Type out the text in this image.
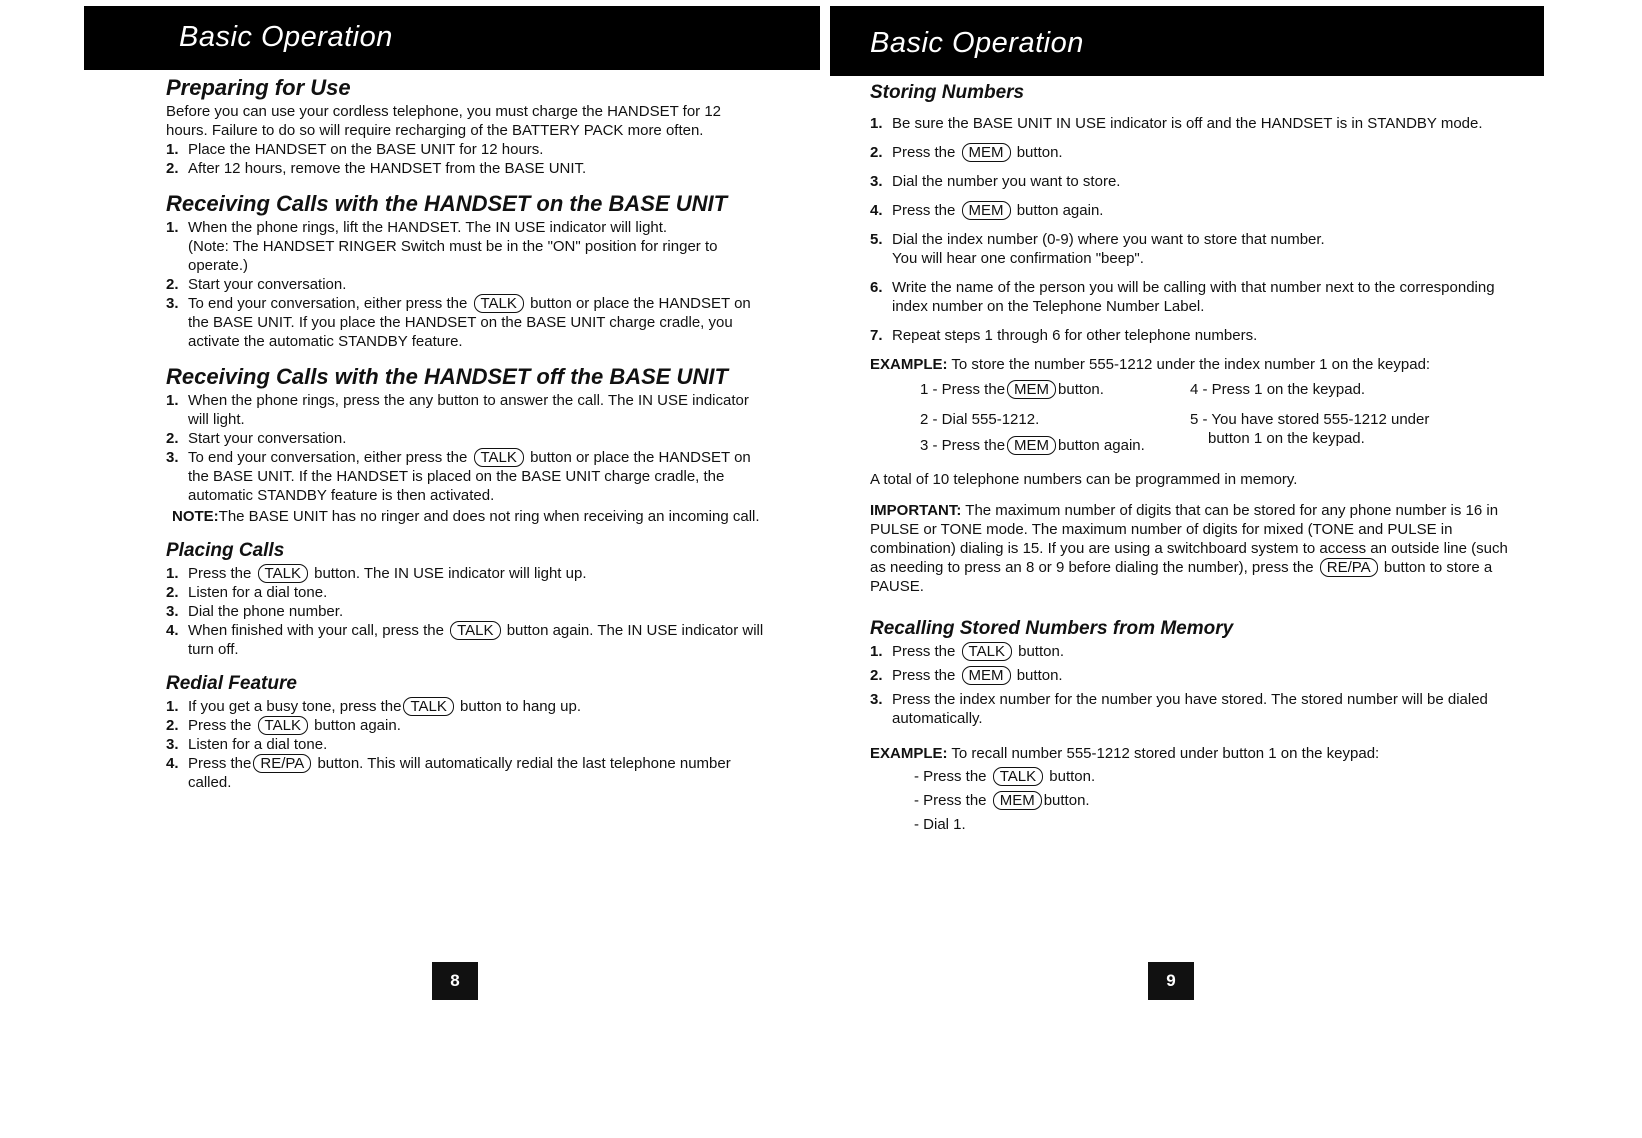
Basic Operation	Basic Operation
Preparing for Use

Before you can use your cordless telephone, you must charge the HANDSET for 12 hours. Failure to do so will require recharging of the BATTERY PACK more often.

1. Place the HANDSET on the BASE UNIT for 12 hours.
2. After 12 hours, remove the HANDSET from the BASE UNIT.
Receiving Calls with the HANDSET on the BASE UNIT
1. When the phone rings, lift the HANDSET. The IN USE indicator will light.
(Note: The HANDSET RINGER Switch must be in the "ON" position for ringer to operate.)
2. Start your conversation.
3. To end your conversation, either press the TALK button or place the HANDSET on the BASE UNIT. If you place the HANDSET on the BASE UNIT charge cradle, you activate the automatic STANDBY feature.
Receiving Calls with the HANDSET off the BASE UNIT
1. When the phone rings, press the any button to answer the call. The IN USE indicator will light.
2. Start your conversation.
3. To end your conversation, either press the TALK button or place the HANDSET on the BASE UNIT. If the HANDSET is placed on the BASE UNIT charge cradle, the automatic STANDBY feature is then activated.

NOTE:The BASE UNIT has no ringer and does not ring when receiving an incoming call.

Placing Calls
1. Press the TALK button. The IN USE indicator will light up.
2. Listen for a dial tone.
3. Dial the phone number.
4. When finished with your call, press the TALK button again. The IN USE indicator will turn off.
Redial Feature
1. If you get a busy tone, press the TALK button to hang up.
2. Press the TALK button again.
3. Listen for a dial tone.
4. Press the RE/PA button. This will automatically redial the last telephone number called.
Storing Numbers
1. Be sure the BASE UNIT IN USE indicator is off and the HANDSET is in STANDBY mode.
2. Press the MEM button.
3. Dial the number you want to store.
4. Press the MEM button again.
5. Dial the index number (0-9) where you want to store that number.
You will hear one confirmation "beep".
6. Write the name of the person you will be calling with that number next to the corresponding index number on the Telephone Number Label.
7. Repeat steps 1 through 6 for other telephone numbers.

EXAMPLE: To store the number 555-1212 under the index number 1 on the keypad:

1 - Press the MEM button.
2 - Dial 555-1212.
3 - Press the MEM button again.
4 - Press 1 on the keypad.
5 - You have stored 555-1212 under
button 1 on the keypad.

A total of 10 telephone numbers can be programmed in memory.

IMPORTANT: The maximum number of digits that can be stored for any phone number is 16 in PULSE or TONE mode. The maximum number of digits for mixed (TONE and PULSE in combination) dialing is 15. If you are using a switchboard system to access an outside line (such as needing to press an 8 or 9 before dialing the number), press the RE/PA button to store a PAUSE.

Recalling Stored Numbers from Memory
1. Press the TALK button.
2. Press the MEM button.
3. Press the index number for the number you have stored. The stored number will be dialed automatically.

EXAMPLE: To recall number 555-1212 stored under button 1 on the keypad:

- Press the TALK button.
- Press the MEM button.
- Dial 1.
8	9
